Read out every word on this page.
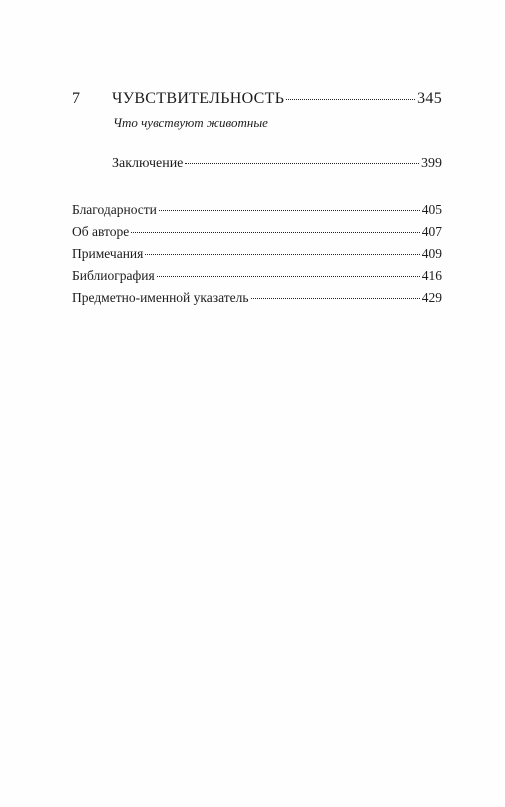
7 ЧУВСТВИТЕЛЬНОСТЬ	345
Что чувствуют животные
Заключение	399
Благодарности	405
Об авторе	407
Примечания	409
Библиография	416
Предметно-именной указатель	429
